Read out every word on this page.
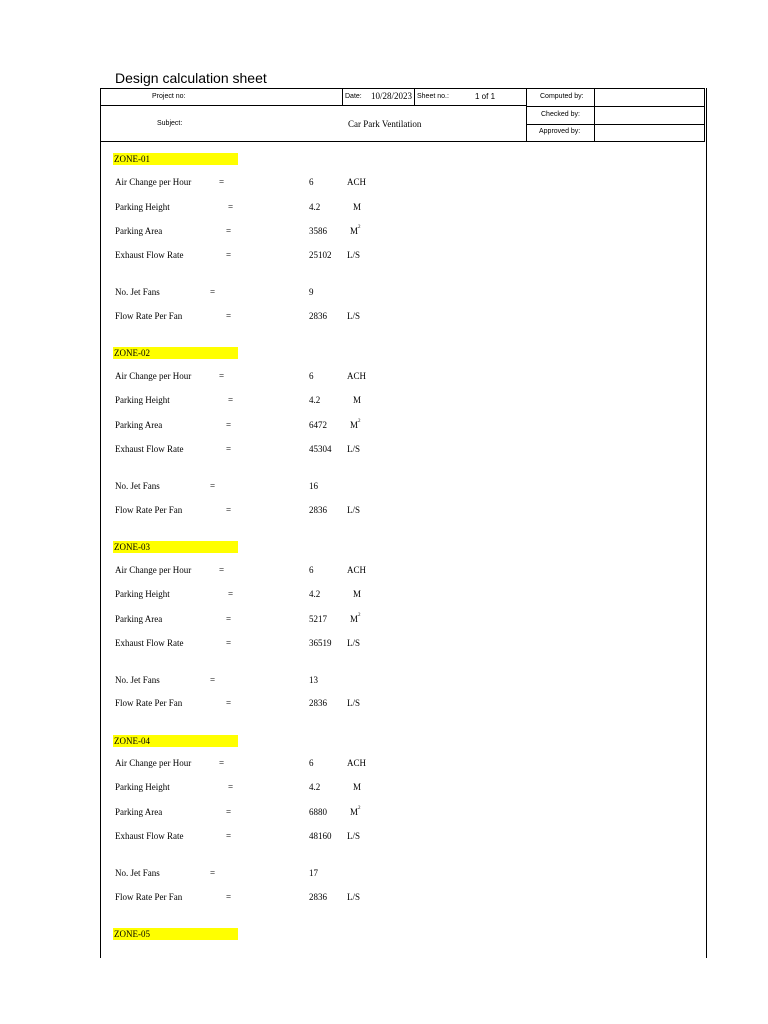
Design calculation sheet
Project no:	Date: 10/28/2023 Sheet no.:	1 of 1	Computed by:
Checked by:
Approved by:
Subject:	Car Park Ventilation
ZONE-01
Air Change per Hour	=	6	ACH
Parking Height	=	4.2	M
Parking Area	=	3586	$M^2$
Exhaust Flow Rate	=	25102 L/S
No. Jet Fans	=	9
Flow Rate Per Fan	=	2836 L/S
ZONE-02
Air Change per Hour	=	6	ACH
Parking Height	=	4.2	M
Parking Area	=	6472	$M^2$
Exhaust Flow Rate	=	45304 L/S
No. Jet Fans	=	16
Flow Rate Per Fan	=	2836 L/S
ZONE-03
Air Change per Hour	=	6	ACH
Parking Height	=	4.2	M
Parking Area	=	5217	$M^2$
Exhaust Flow Rate	=	36519 L/S
No. Jet Fans	=	13
Flow Rate Per Fan	=	2836 L/S
ZONE-04
Air Change per Hour	=	6	ACH
Parking Height	=	4.2	M
Parking Area	=	6880	$M^2$
Exhaust Flow Rate	=	48160 L/S
No. Jet Fans	=	17
Flow Rate Per Fan	=	2836 L/S
ZONE-05
